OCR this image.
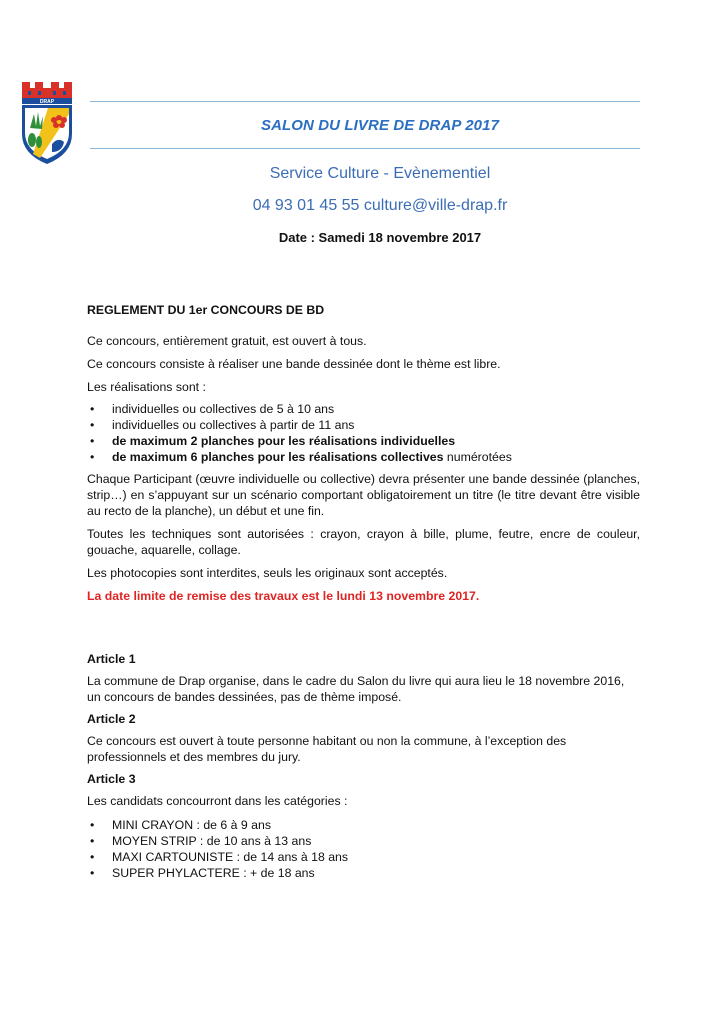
DRAP
SALON DU LIVRE DE DRAP 2017
Service Culture - Evènementiel
04 93 01 45 55 culture@ville-drap.fr
Date : Samedi 18 novembre 2017

REGLEMENT DU 1er CONCOURS DE BD

Ce concours, entièrement gratuit, est ouvert à tous.

Ce concours consiste à réaliser une bande dessinée dont le thème est libre.

Les réalisations sont :

• individuelles ou collectives de 5 à 10 ans
• individuelles ou collectives à partir de 11 ans
• de maximum 2 planches pour les réalisations individuelles
• de maximum 6 planches pour les réalisations collectives numérotées

Chaque Participant (œuvre individuelle ou collective) devra présenter une bande dessinée (planches, strip…) en s’appuyant sur un scénario comportant obligatoirement un titre (le titre devant être visible au recto de la planche), un début et une fin.

Toutes les techniques sont autorisées : crayon, crayon à bille, plume, feutre, encre de couleur, gouache, aquarelle, collage.

Les photocopies sont interdites, seuls les originaux sont acceptés.

La date limite de remise des travaux est le lundi 13 novembre 2017.

Article 1

La commune de Drap organise, dans le cadre du Salon du livre qui aura lieu le 18 novembre 2016, un concours de bandes dessinées, pas de thème imposé.

Article 2

Ce concours est ouvert à toute personne habitant ou non la commune, à l’exception des professionnels et des membres du jury.

Article 3

Les candidats concourront dans les catégories :

• MINI CRAYON : de 6 à 9 ans
• MOYEN STRIP : de 10 ans à 13 ans
• MAXI CARTOUNISTE : de 14 ans à 18 ans
• SUPER PHYLACTERE : + de 18 ans
